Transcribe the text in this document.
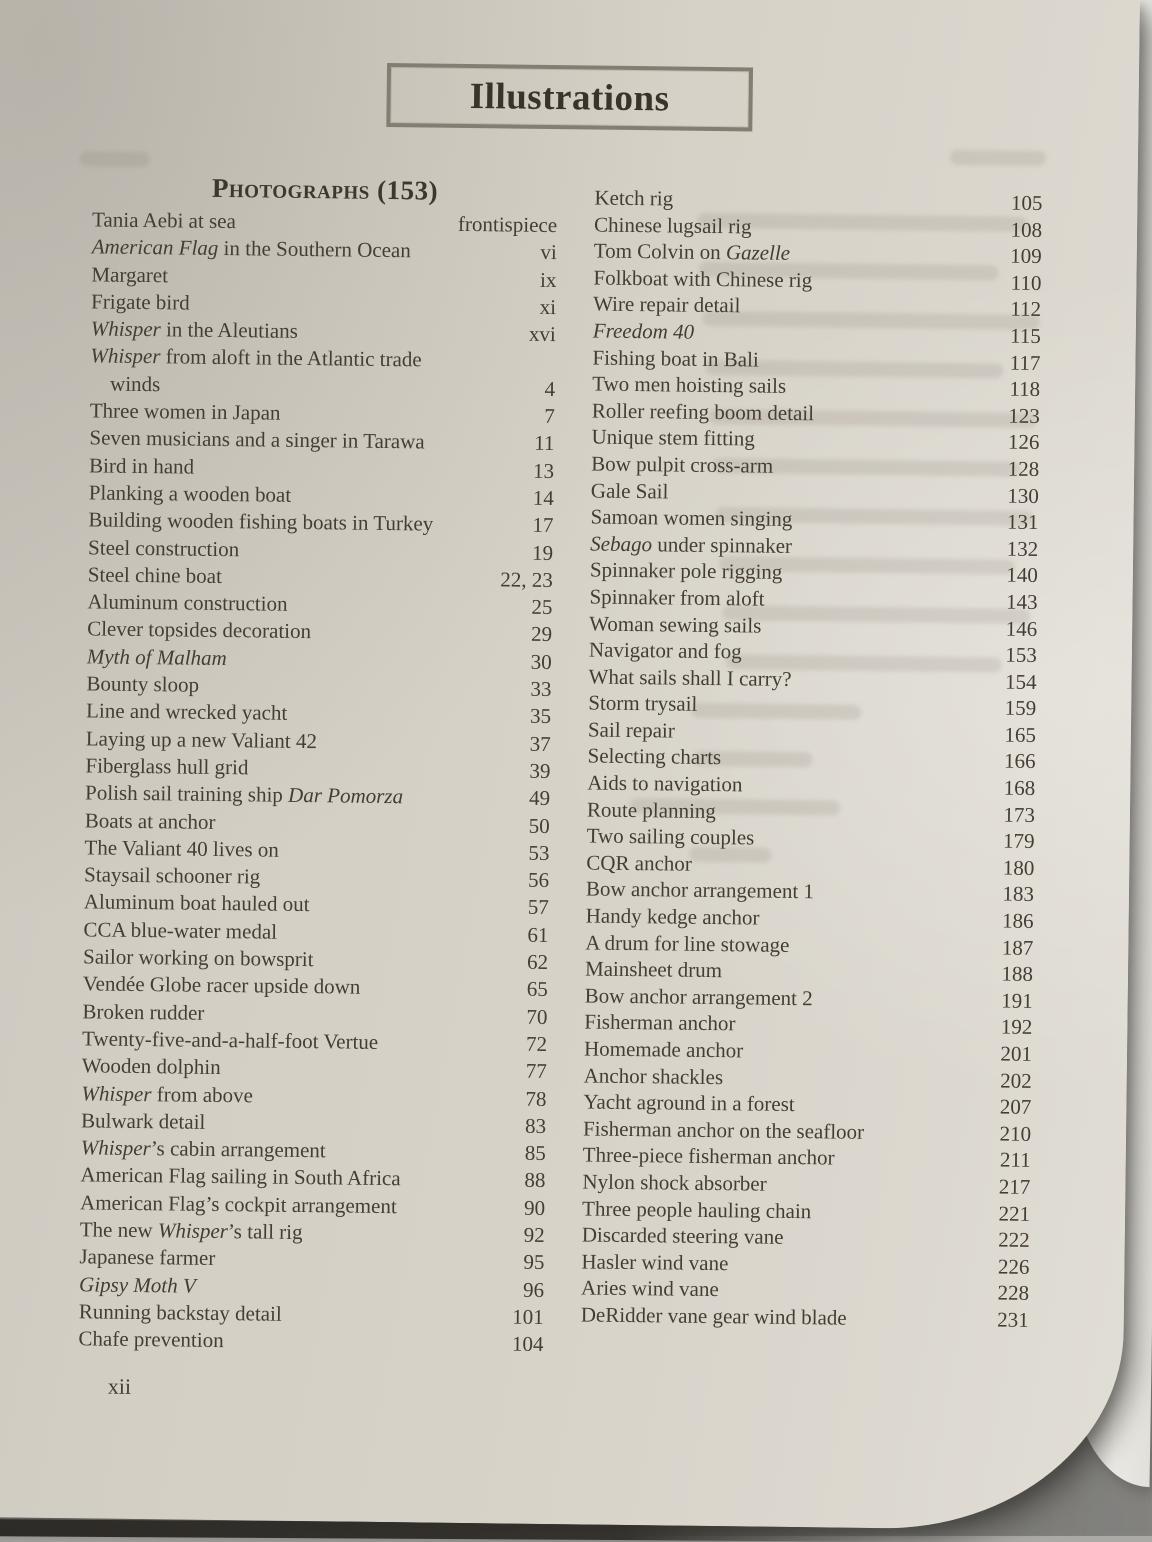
Illustrations
Photographs (153)
Tania Aebi at sea	frontispiece
American Flag in the Southern Ocean	vi
Margaret	ix
Frigate bird	xi
Whisper in the Aleutians	xvi
Whisper from aloft in the Atlantic trade
winds	4
Three women in Japan	7
Seven musicians and a singer in Tarawa	11
Bird in hand	13
Planking a wooden boat	14
Building wooden fishing boats in Turkey	17
Steel construction	19
Steel chine boat	22, 23
Aluminum construction	25
Clever topsides decoration	29
Myth of Malham	30
Bounty sloop	33
Line and wrecked yacht	35
Laying up a new Valiant 42	37
Fiberglass hull grid	39
Polish sail training ship Dar Pomorza	49
Boats at anchor	50
The Valiant 40 lives on	53
Staysail schooner rig	56
Aluminum boat hauled out	57
CCA blue-water medal	61
Sailor working on bowsprit	62
Vendée Globe racer upside down	65
Broken rudder	70
Twenty-five-and-a-half-foot Vertue	72
Wooden dolphin	77
Whisper from above	78
Bulwark detail	83
Whisper’s cabin arrangement	85
American Flag sailing in South Africa	88
American Flag’s cockpit arrangement	90
The new Whisper’s tall rig	92
Japanese farmer	95
Gipsy Moth V	96
Running backstay detail	101
Chafe prevention	104
Ketch rig	105
Chinese lugsail rig	108
Tom Colvin on Gazelle	109
Folkboat with Chinese rig	110
Wire repair detail	112
Freedom 40	115
Fishing boat in Bali	117
Two men hoisting sails	118
Roller reefing boom detail	123
Unique stem fitting	126
Bow pulpit cross-arm	128
Gale Sail	130
Samoan women singing	131
Sebago under spinnaker	132
Spinnaker pole rigging	140
Spinnaker from aloft	143
Woman sewing sails	146
Navigator and fog	153
What sails shall I carry?	154
Storm trysail	159
Sail repair	165
Selecting charts	166
Aids to navigation	168
Route planning	173
Two sailing couples	179
CQR anchor	180
Bow anchor arrangement 1	183
Handy kedge anchor	186
A drum for line stowage	187
Mainsheet drum	188
Bow anchor arrangement 2	191
Fisherman anchor	192
Homemade anchor	201
Anchor shackles	202
Yacht aground in a forest	207
Fisherman anchor on the seafloor	210
Three-piece fisherman anchor	211
Nylon shock absorber	217
Three people hauling chain	221
Discarded steering vane	222
Hasler wind vane	226
Aries wind vane	228
DeRidder vane gear wind blade	231
xii
